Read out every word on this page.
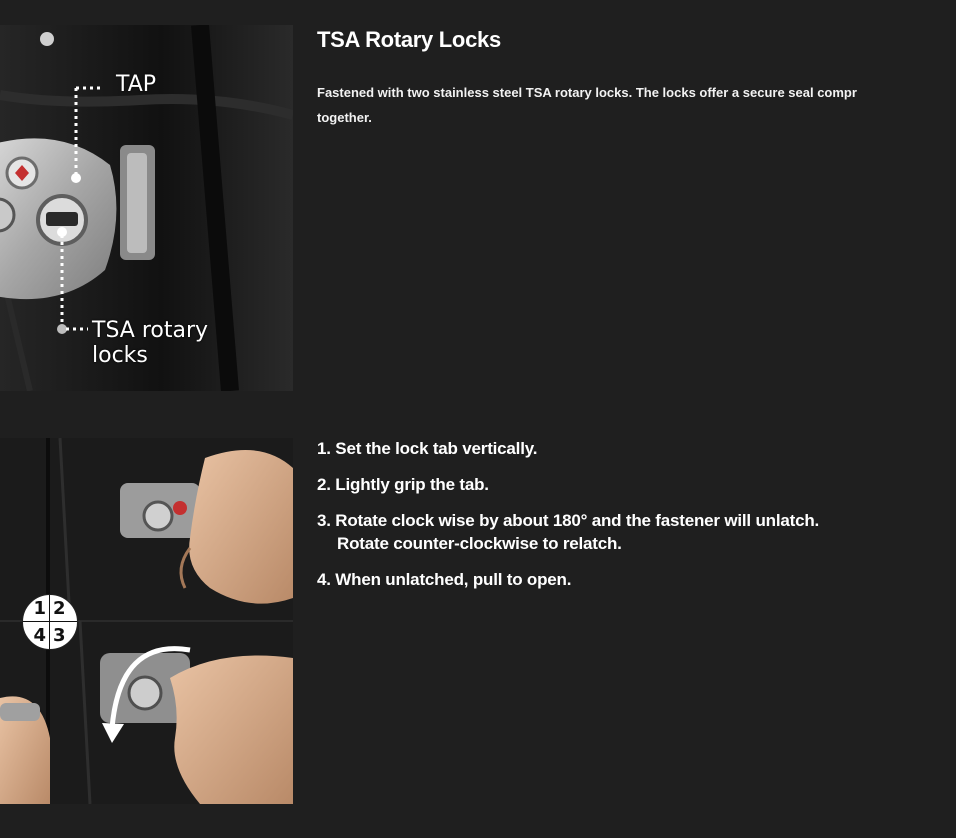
TAP
TSA rotary locks
1 2
4 3
TSA Rotary Locks

Fastened with two stainless steel TSA rotary locks. The locks offer a secure seal compr
together.

1. Set the lock tab vertically.
2. Lightly grip the tab.
3. Rotate clock wise by about 180° and the fastener will unlatch.
Rotate counter-clockwise to relatch.
4. When unlatched, pull to open.
